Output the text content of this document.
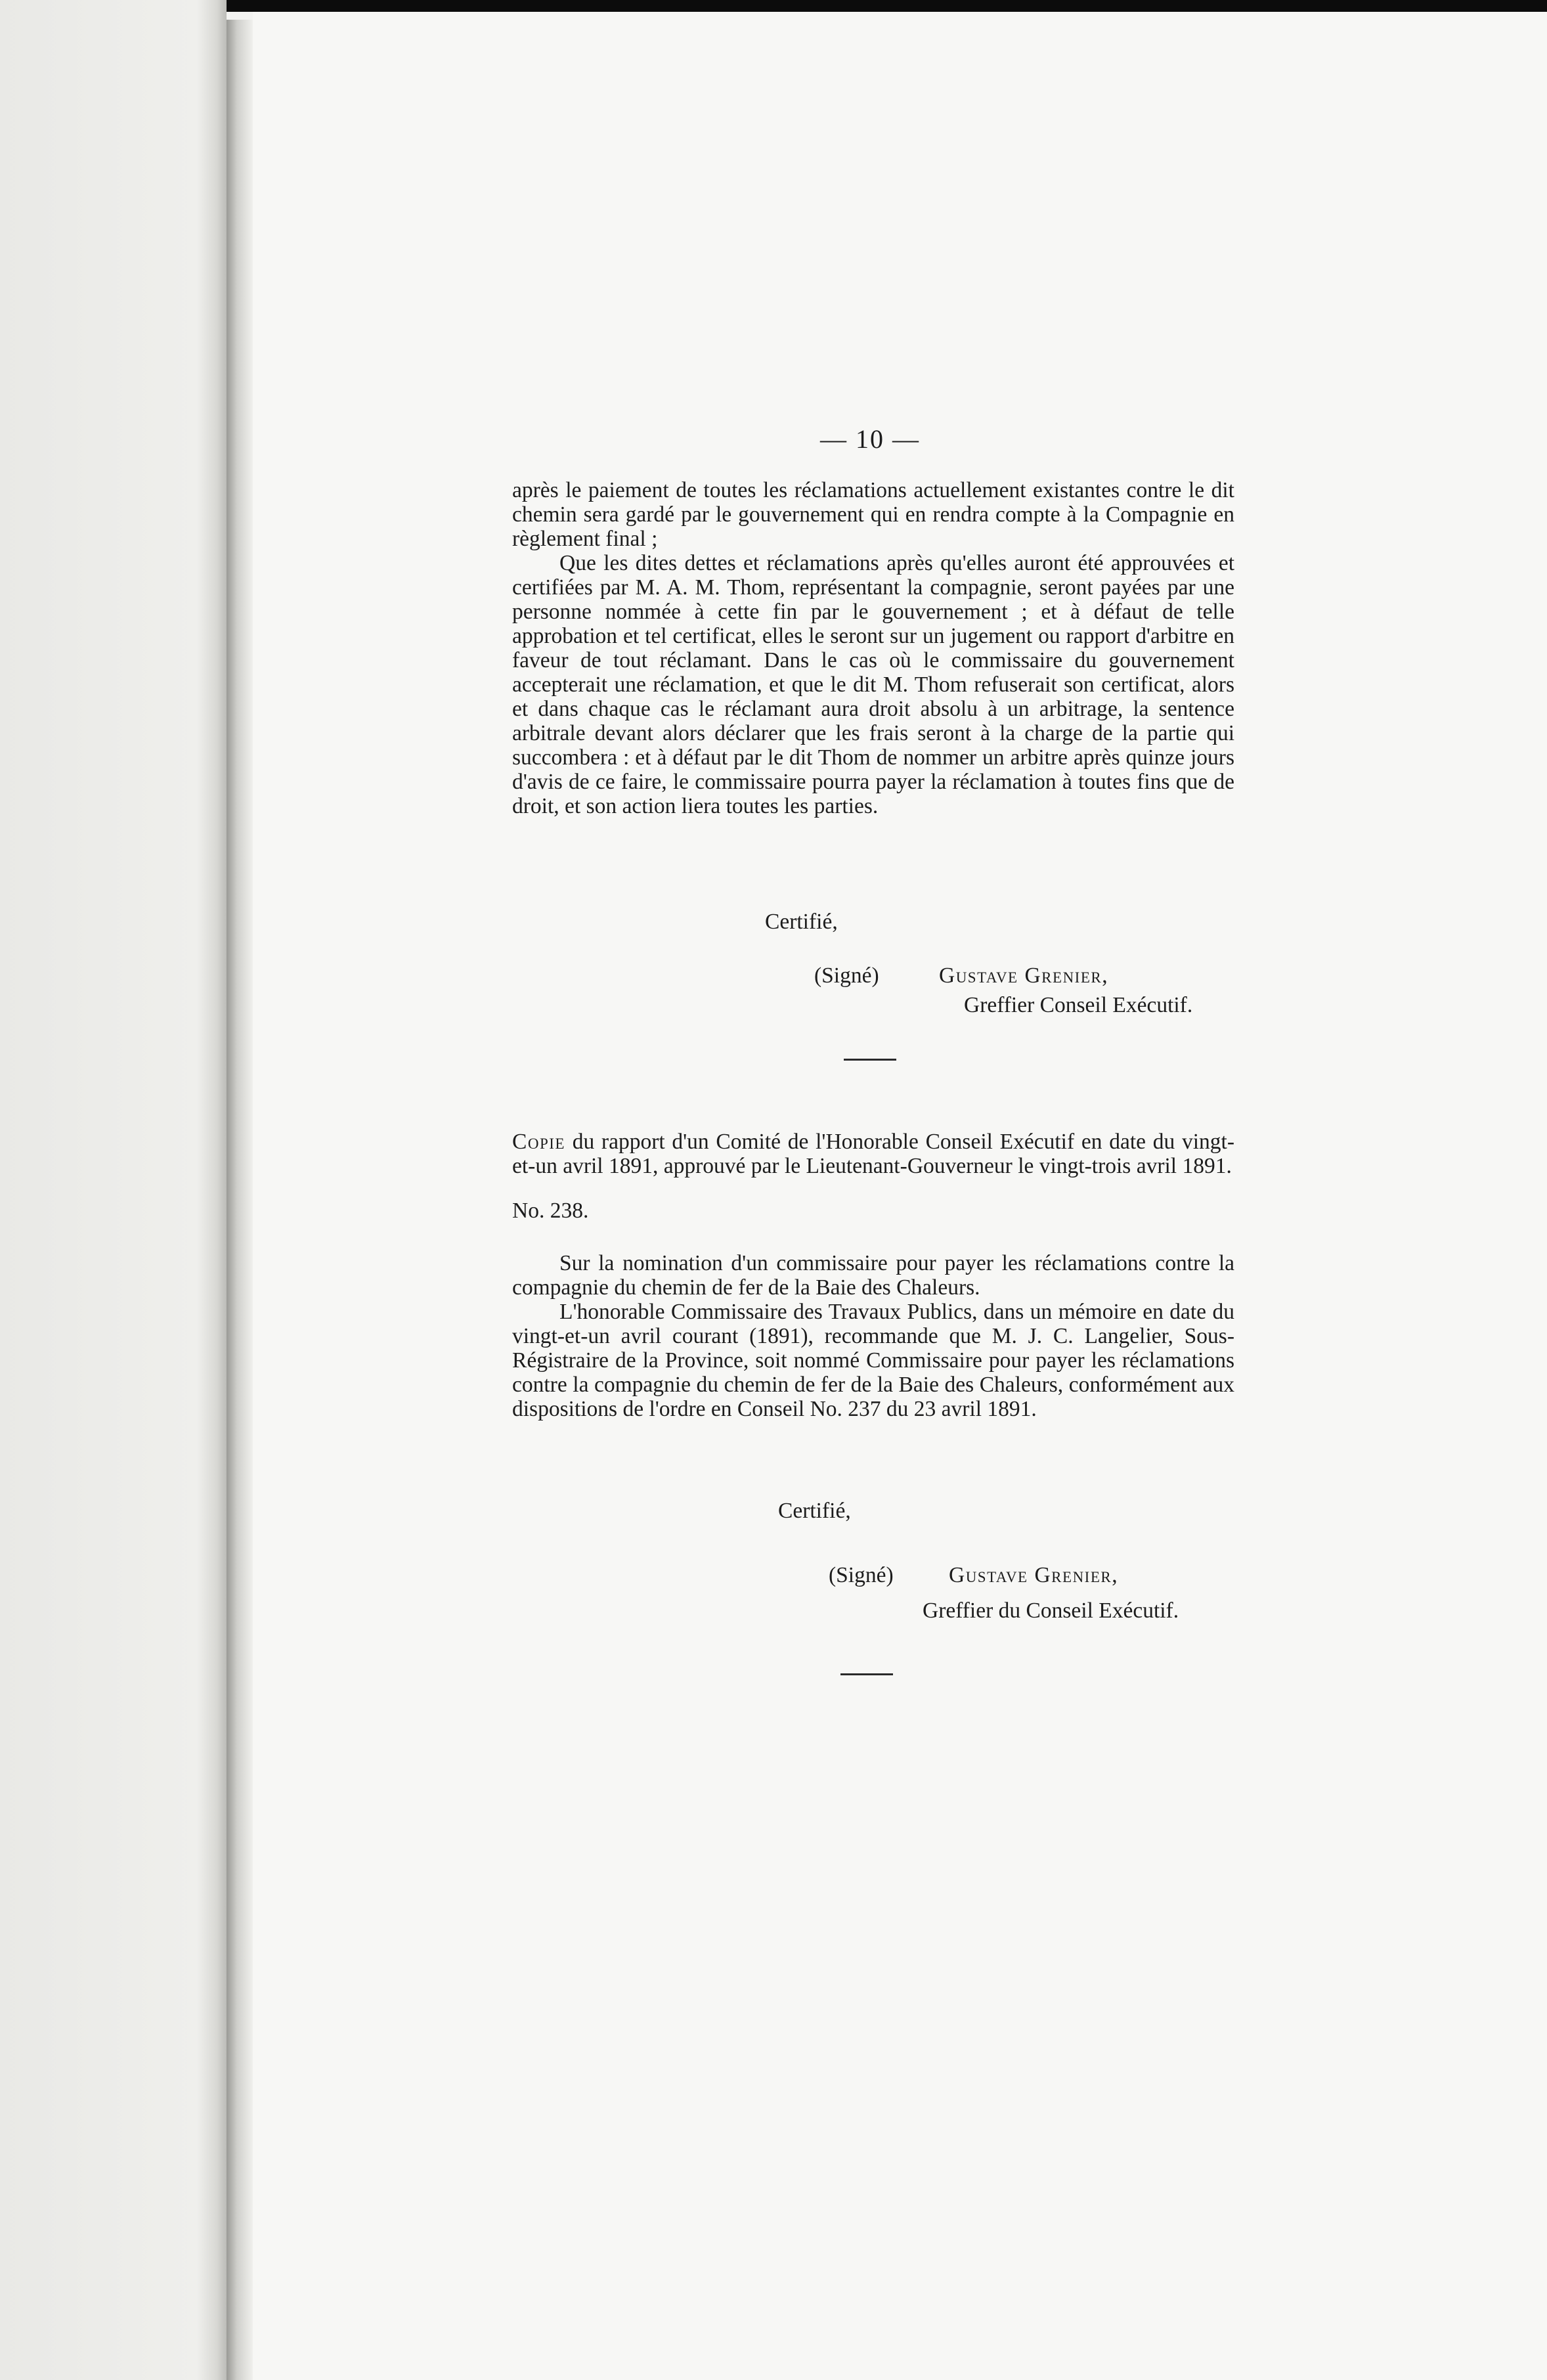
— 10 —

après le paiement de toutes les réclamations actuellement existantes contre le dit chemin sera gardé par le gouvernement qui en rendra compte à la Compagnie en règlement final ;

Que les dites dettes et réclamations après qu'elles auront été approuvées et certifiées par M. A. M. Thom, représentant la compagnie, seront payées par une personne nommée à cette fin par le gouvernement ; et à défaut de telle approbation et tel certificat, elles le seront sur un jugement ou rapport d'arbitre en faveur de tout réclamant. Dans le cas où le commissaire du gouvernement accepterait une réclamation, et que le dit M. Thom refuserait son certificat, alors et dans chaque cas le réclamant aura droit absolu à un arbitrage, la sentence arbitrale devant alors déclarer que les frais seront à la charge de la partie qui succombera : et à défaut par le dit Thom de nommer un arbitre après quinze jours d'avis de ce faire, le commissaire pourra payer la réclamation à toutes fins que de droit, et son action liera toutes les parties.

Certifié,
(Signé)	Gustave Grenier,
Greffier Conseil Exécutif.

Copie du rapport d'un Comité de l'Honorable Conseil Exécutif en date du vingt-et-un avril 1891, approuvé par le Lieutenant-Gouverneur le vingt-trois avril 1891.

No. 238.

Sur la nomination d'un commissaire pour payer les réclamations contre la compagnie du chemin de fer de la Baie des Chaleurs.

L'honorable Commissaire des Travaux Publics, dans un mémoire en date du vingt-et-un avril courant (1891), recommande que M. J. C. Langelier, Sous-Régistraire de la Province, soit nommé Commissaire pour payer les réclamations contre la compagnie du chemin de fer de la Baie des Chaleurs, conformément aux dispositions de l'ordre en Conseil No. 237 du 23 avril 1891.

Certifié,
(Signé)	Gustave Grenier,
Greffier du Conseil Exécutif.
